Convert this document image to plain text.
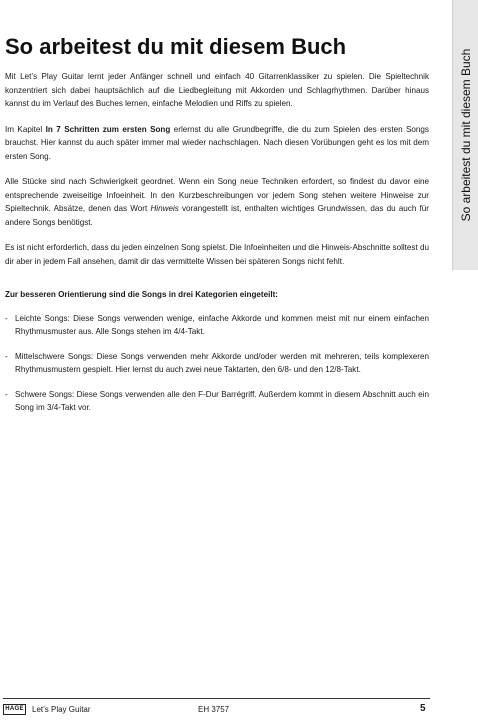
So arbeitest du mit diesem Buch
So arbeitest du mit diesem Buch

Mit Let’s Play Guitar lernt jeder Anfänger schnell und einfach 40 Gitarrenklassiker zu spielen. Die Spieltechnik konzentriert sich dabei hauptsächlich auf die Liedbegleitung mit Akkorden und Schlagrhythmen. Darüber hinaus kannst du im Verlauf des Buches lernen, einfache Melodien und Riffs zu spielen.

Im Kapitel In 7 Schritten zum ersten Song erlernst du alle Grundbegriffe, die du zum Spielen des ersten Songs brauchst. Hier kannst du auch später immer mal wieder nachschlagen. Nach diesen Vorübungen geht es los mit dem ersten Song.

Alle Stücke sind nach Schwierigkeit geordnet. Wenn ein Song neue Techniken erfordert, so findest du davor eine entsprechende zweiseitige Infoeinheit. In den Kurzbeschreibungen vor jedem Song stehen weitere Hinweise zur Spieltechnik. Absätze, denen das Wort Hinweis vorangestellt ist, enthalten wichtiges Grundwissen, das du auch für andere Songs benötigst.

Es ist nicht erforderlich, dass du jeden einzelnen Song spielst. Die Infoeinheiten und die Hinweis-Abschnitte solltest du dir aber in jedem Fall ansehen, damit dir das vermittelte Wissen bei späteren Songs nicht fehlt.

Zur besseren Orientierung sind die Songs in drei Kategorien eingeteilt:

- Leichte Songs: Diese Songs verwenden wenige, einfache Akkorde und kommen meist mit nur einem einfachen Rhythmusmuster aus. Alle Songs stehen im 4/4-Takt.
- Mittelschwere Songs: Diese Songs verwenden mehr Akkorde und/oder werden mit mehreren, teils komplexeren Rhythmusmustern gespielt. Hier lernst du auch zwei neue Taktarten, den 6/8- und den 12/8-Takt.
- Schwere Songs: Diese Songs verwenden alle den F-Dur Barrégriff. Außerdem kommt in diesem Abschnitt auch ein Song im 3/4-Takt vor.
HAGE Let’s Play Guitar	EH 3757	5
